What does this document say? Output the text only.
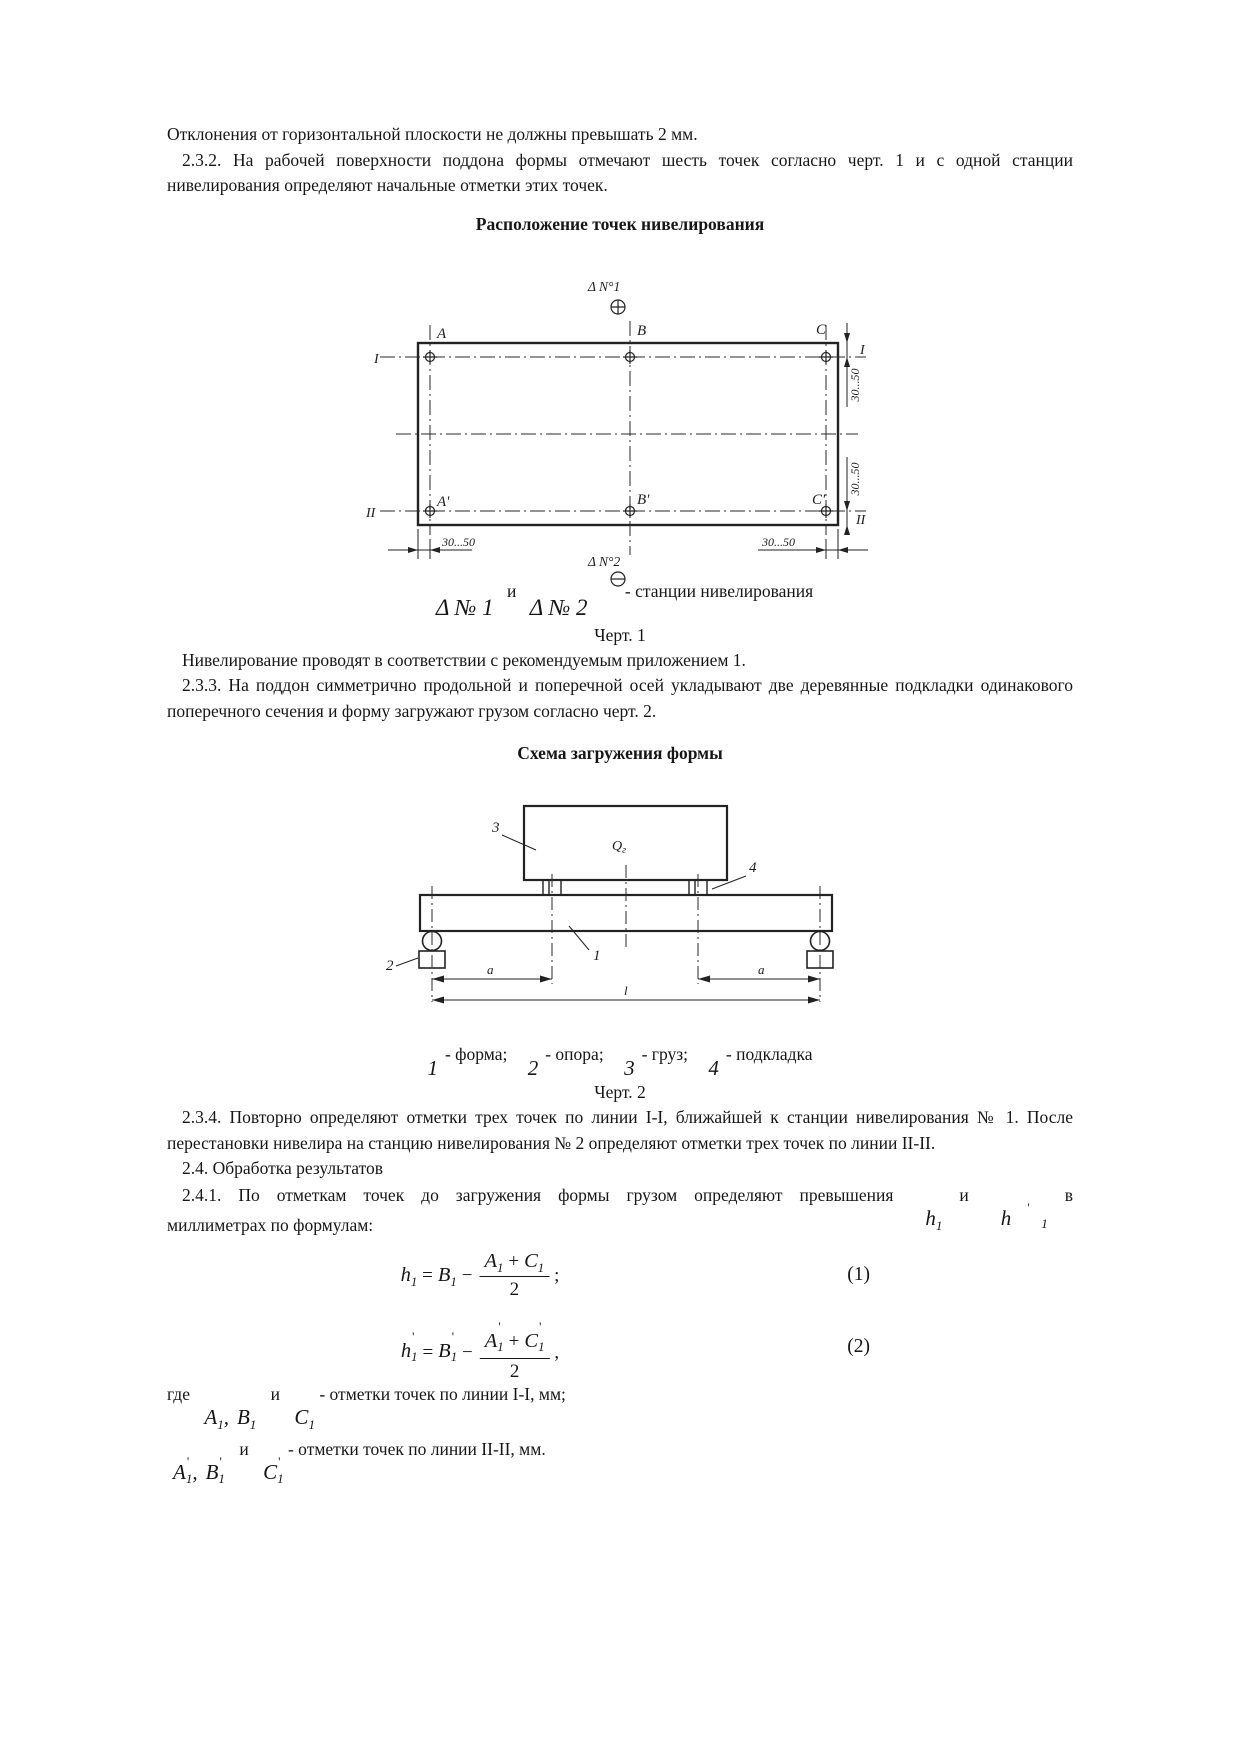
Отклонения от горизонтальной плоскости не должны превышать 2 мм.

2.3.2. На рабочей поверхности поддона формы отмечают шесть точек согласно черт. 1 и с одной станции нивелирования определяют начальные отметки этих точек.

Расположение точек нивелирования
Δ N°1
Δ N°2
A	B	C
A'	B'	C'
I
I
II	II
30...50
30...50
30...50	30...50
Δ № 1 и Δ № 2 - станции нивелирования
Черт. 1

Нивелирование проводят в соответствии с рекомендуемым приложением 1.

2.3.3. На поддон симметрично продольной и поперечной осей укладывают две деревянные подкладки одинакового поперечного сечения и форму загружают грузом согласно черт. 2.

Схема загружения формы
$Q_г$
3
4
1
2	a	a
l
1- форма; 2- опора; 3- груз; 4- подкладка
Черт. 2

2.3.4. Повторно определяют отметки трех точек по линии I-I, ближайшей к станции нивелирования № 1. После перестановки нивелира на станцию нивелирования № 2 определяют отметки трех точек по линии II-II.

2.4. Обработка результатов

2.4.1. По отметкам точек до загружения формы грузом определяют превышения $h_1$ и h	'
1 в

миллиметрах по формулам:

$h_1 = B_1 - \frac{A_1 + C_1}{2}$ ;	(1)
h
'
1 = B
'
1 − A
'
1 + C
'
1
2 ,	(2)
где $A_1$, $B_1$ и $C_1$ - отметки точек по линии I-I, мм;
A '
1, B '
1 и C '
1 - отметки точек по линии II-II, мм.
